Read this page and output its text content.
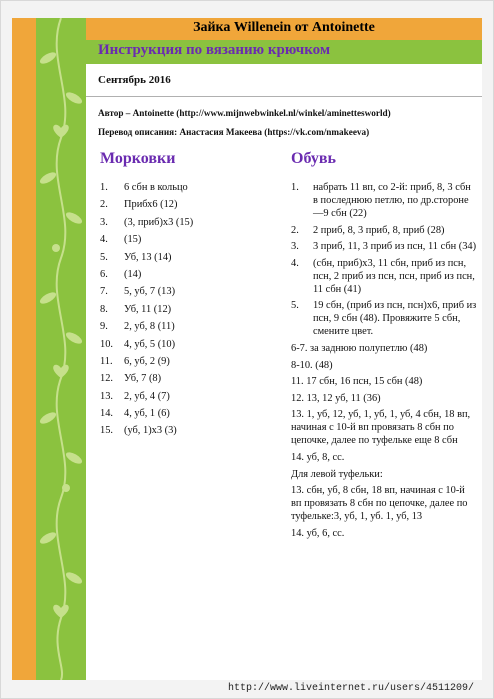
Зайка Willenein от Antoinette
Инструкция по вязанию крючком
Сентябрь 2016
Автор – Antoinette (http://www.mijnwebwinkel.nl/winkel/aminettesworld)
Перевод описания: Анастасия Макеева (https://vk.com/nmakeeva)
Морковки	Обувь
1.	6 сбн в кольцо
2.	Прибх6 (12)
3.	(3, приб)х3 (15)
4.	(15)
5.	Уб, 13 (14)
6.	(14)
7.	5, уб, 7 (13)
8.	Уб, 11 (12)
9.	2, уб, 8 (11)
10.	4, уб, 5 (10)
11.	6, уб, 2 (9)
12.	Уб, 7 (8)
13.	2, уб, 4 (7)
14.	4, уб, 1 (6)
15.	(уб, 1)х3 (3)
1.	набрать 11 вп, со 2-й: приб, 8, 3 сбн в последнюю петлю, по др.стороне—9 сбн (22)
2.	2 приб, 8, 3 приб, 8, приб (28)
3.	3 приб, 11, 3 приб из псн, 11 сбн (34)
4.	(сбн, приб)х3, 11 сбн, приб из псн, псн, 2 приб из псн, псн, приб из псн, 11 сбн (41)
5.	19 сбн, (приб из псн, псн)х6, приб из псн, 9 сбн (48). Провяжите 5 сбн, смените цвет.
6-7. за заднюю полупетлю (48)
8-10. (48)
11. 17 сбн, 16 псн, 15 сбн (48)
12. 13, 12 уб, 11 (36)
13. 1, уб, 12, уб, 1, уб, 1, уб, 4 сбн, 18 вп, начиная с 10-й вп провязать 8 сбн по цепочке, далее по туфельке еще 8 сбн
14. уб, 8, сс.
Для левой туфельки:
13. сбн, уб, 8 сбн, 18 вп, начиная с 10-й вп провязать 8 сбн по цепочке, далее по туфельке:3, уб, 1, уб. 1, уб, 13
14. уб, 6, сс.
http://www.liveinternet.ru/users/4511209/
